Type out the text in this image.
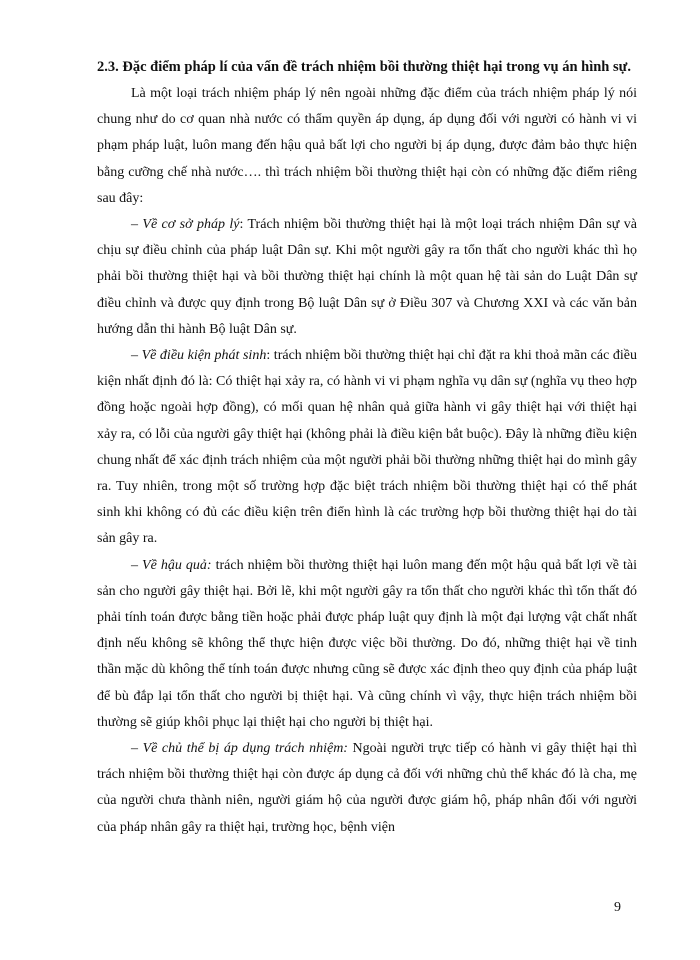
2.3. Đặc điểm pháp lí của vấn đề trách nhiệm bồi thường thiệt hại trong vụ án hình sự.

Là một loại trách nhiệm pháp lý nên ngoài những đặc điểm của trách nhiệm pháp lý nói chung như do cơ quan nhà nước có thẩm quyền áp dụng, áp dụng đối với người có hành vi vi phạm pháp luật, luôn mang đến hậu quả bất lợi cho người bị áp dụng, được đảm bảo thực hiện bằng cưỡng chế nhà nước…. thì trách nhiệm bồi thường thiệt hại còn có những đặc điểm riêng sau đây:

– Về cơ sở pháp lý: Trách nhiệm bồi thường thiệt hại là một loại trách nhiệm Dân sự và chịu sự điều chỉnh của pháp luật Dân sự. Khi một người gây ra tổn thất cho người khác thì họ phải bồi thường thiệt hại và bồi thường thiệt hại chính là một quan hệ tài sản do Luật Dân sự điều chỉnh và được quy định trong Bộ luật Dân sự ở Điều 307 và Chương XXI và các văn bản hướng dẫn thi hành Bộ luật Dân sự.

– Về điều kiện phát sinh: trách nhiệm bồi thường thiệt hại chỉ đặt ra khi thoả mãn các điều kiện nhất định đó là: Có thiệt hại xảy ra, có hành vi vi phạm nghĩa vụ dân sự (nghĩa vụ theo hợp đồng hoặc ngoài hợp đồng), có mối quan hệ nhân quả giữa hành vi gây thiệt hại với thiệt hại xảy ra, có lỗi của người gây thiệt hại (không phải là điều kiện bắt buộc). Đây là những điều kiện chung nhất để xác định trách nhiệm của một người phải bồi thường những thiệt hại do mình gây ra. Tuy nhiên, trong một số trường hợp đặc biệt trách nhiệm bồi thường thiệt hại có thể phát sinh khi không có đủ các điều kiện trên điển hình là các trường hợp bồi thường thiệt hại do tài sản gây ra.

– Về hậu quả: trách nhiệm bồi thường thiệt hại luôn mang đến một hậu quả bất lợi về tài sản cho người gây thiệt hại. Bởi lẽ, khi một người gây ra tổn thất cho người khác thì tổn thất đó phải tính toán được bằng tiền hoặc phải được pháp luật quy định là một đại lượng vật chất nhất định nếu không sẽ không thể thực hiện được việc bồi thường. Do đó, những thiệt hại về tinh thần mặc dù không thể tính toán được nhưng cũng sẽ được xác định theo quy định của pháp luật để bù đắp lại tổn thất cho người bị thiệt hại. Và cũng chính vì vậy, thực hiện trách nhiệm bồi thường sẽ giúp khôi phục lại thiệt hại cho người bị thiệt hại.

– Về chủ thể bị áp dụng trách nhiệm: Ngoài người trực tiếp có hành vi gây thiệt hại thì trách nhiệm bồi thường thiệt hại còn được áp dụng cả đối với những chủ thể khác đó là cha, mẹ của người chưa thành niên, người giám hộ của người được giám hộ, pháp nhân đối với người của pháp nhân gây ra thiệt hại, trường học, bệnh viện

9
